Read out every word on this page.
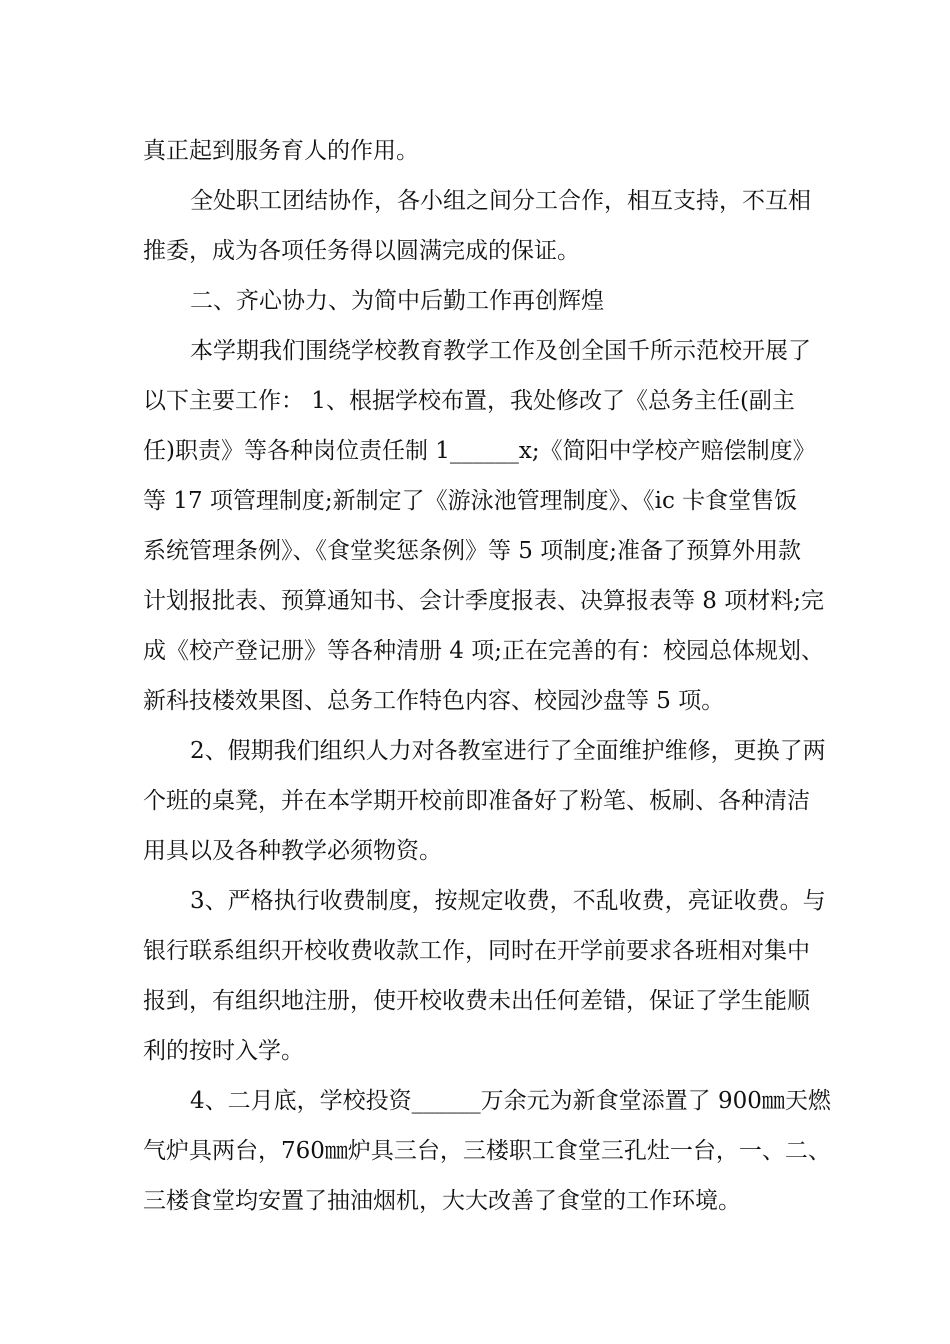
真正起到服务育人的作用。
全处职工团结协作，各小组之间分工合作，相互支持，不互相
推委，成为各项任务得以圆满完成的保证。
二、齐心协力、为简中后勤工作再创辉煌
本学期我们围绕学校教育教学工作及创全国千所示范校开展了
以下主要工作： 1、根据学校布置，我处修改了《总务主任(副主
任)职责》等各种岗位责任制 1______x;《简阳中学校产赔偿制度》
等 17 项管理制度;新制定了《游泳池管理制度》、《ic 卡食堂售饭
系统管理条例》、《食堂奖惩条例》等 5 项制度;准备了预算外用款
计划报批表、预算通知书、会计季度报表、决算报表等 8 项材料;完
成《校产登记册》等各种清册 4 项;正在完善的有：校园总体规划、
新科技楼效果图、总务工作特色内容、校园沙盘等 5 项。
2、假期我们组织人力对各教室进行了全面维护维修，更换了两
个班的桌凳，并在本学期开校前即准备好了粉笔、板刷、各种清洁
用具以及各种教学必须物资。
3、严格执行收费制度，按规定收费，不乱收费，亮证收费。与
银行联系组织开校收费收款工作，同时在开学前要求各班相对集中
报到，有组织地注册，使开校收费未出任何差错，保证了学生能顺
利的按时入学。
4、二月底，学校投资______万余元为新食堂添置了 900㎜天燃
气炉具两台，760㎜炉具三台，三楼职工食堂三孔灶一台，一、二、
三楼食堂均安置了抽油烟机，大大改善了食堂的工作环境。
